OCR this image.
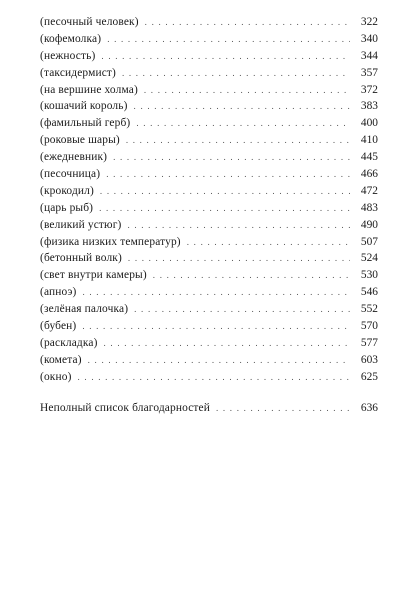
(песочный человек) . . .	322
(кофемолка) . . .	340
(нежность) . . .	344
(таксидермист) . . .	357
(на вершине холма) . . .	372
(кошачий король) . . .	383
(фамильный герб) . . .	400
(роковые шары) . . .	410
(ежедневник) . . .	445
(песочница) . . .	466
(крокодил) . . .	472
(царь рыб) . . .	483
(великий устюг) . . .	490
(физика низких температур) . . .	507
(бетонный волк) . . .	524
(свет внутри камеры) . . .	530
(апноэ) . . .	546
(зелёная палочка) . . .	552
(бубен) . . .	570
(раскладка) . . .	577
(комета) . . .	603
(окно) . . .	625
Неполный список благодарностей . . .	636
